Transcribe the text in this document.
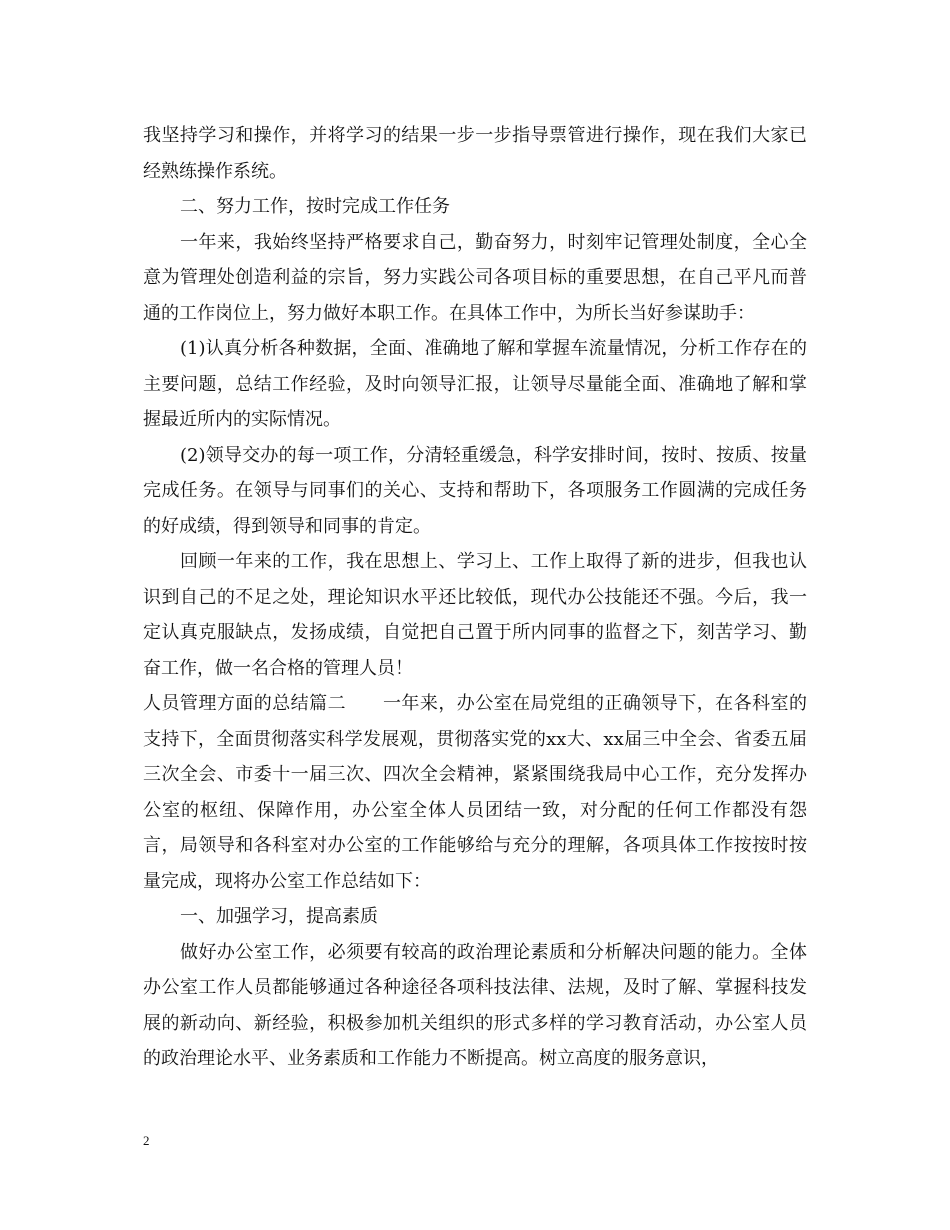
我坚持学习和操作，并将学习的结果一步一步指导票管进行操作，现在我们大家已经熟练操作系统。

二、努力工作，按时完成工作任务

一年来，我始终坚持严格要求自己，勤奋努力，时刻牢记管理处制度，全心全意为管理处创造利益的宗旨，努力实践公司各项目标的重要思想，在自己平凡而普通的工作岗位上，努力做好本职工作。在具体工作中，为所长当好参谋助手：

(1)认真分析各种数据，全面、准确地了解和掌握车流量情况，分析工作存在的主要问题，总结工作经验，及时向领导汇报，让领导尽量能全面、准确地了解和掌握最近所内的实际情况。

(2)领导交办的每一项工作，分清轻重缓急，科学安排时间，按时、按质、按量完成任务。在领导与同事们的关心、支持和帮助下，各项服务工作圆满的完成任务的好成绩，得到领导和同事的肯定。

回顾一年来的工作，我在思想上、学习上、工作上取得了新的进步，但我也认识到自己的不足之处，理论知识水平还比较低，现代办公技能还不强。今后，我一定认真克服缺点，发扬成绩，自觉把自己置于所内同事的监督之下，刻苦学习、勤奋工作，做一名合格的管理人员！

人员管理方面的总结篇二　　一年来，办公室在局党组的正确领导下，在各科室的支持下，全面贯彻落实科学发展观，贯彻落实党的xx大、xx届三中全会、省委五届三次全会、市委十一届三次、四次全会精神，紧紧围绕我局中心工作，充分发挥办公室的枢纽、保障作用，办公室全体人员团结一致，对分配的任何工作都没有怨言，局领导和各科室对办公室的工作能够给与充分的理解，各项具体工作按按时按量完成，现将办公室工作总结如下：

一、加强学习，提高素质

做好办公室工作，必须要有较高的政治理论素质和分析解决问题的能力。全体办公室工作人员都能够通过各种途径各项科技法律、法规，及时了解、掌握科技发展的新动向、新经验，积极参加机关组织的形式多样的学习教育活动，办公室人员的政治理论水平、业务素质和工作能力不断提高。树立高度的服务意识，

2
